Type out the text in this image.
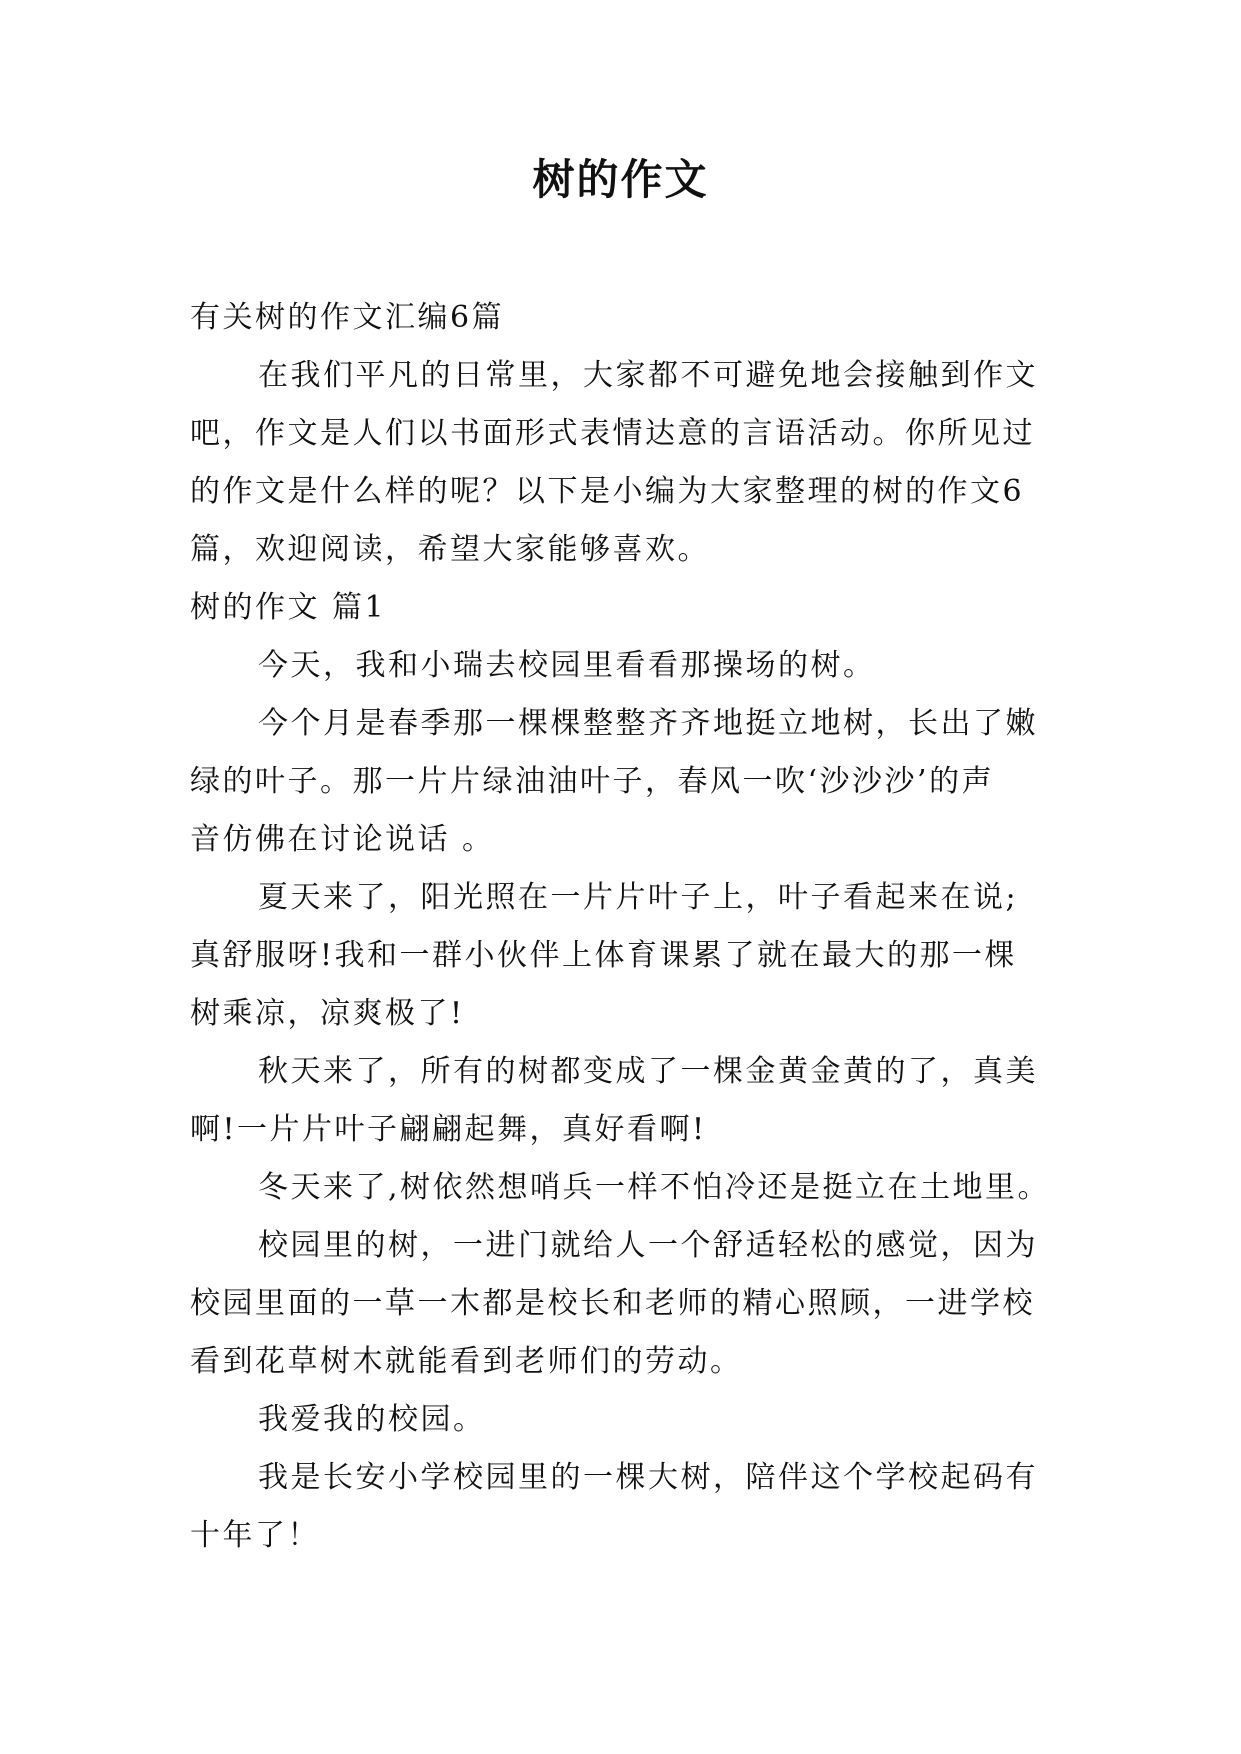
树的作文
有关树的作文汇编6篇
在我们平凡的日常里，大家都不可避免地会接触到作文
吧，作文是人们以书面形式表情达意的言语活动。你所见过
的作文是什么样的呢？以下是小编为大家整理的树的作文6
篇，欢迎阅读，希望大家能够喜欢。
树的作文 篇1
今天，我和小瑞去校园里看看那操场的树。
今个月是春季那一棵棵整整齐齐地挺立地树，长出了嫩
绿的叶子。那一片片绿油油叶子，春风一吹‘沙沙沙’的声
音仿佛在讨论说话 。
夏天来了，阳光照在一片片叶子上，叶子看起来在说;
真舒服呀!我和一群小伙伴上体育课累了就在最大的那一棵
树乘凉，凉爽极了!
秋天来了，所有的树都变成了一棵金黄金黄的了，真美
啊!一片片叶子翩翩起舞，真好看啊!
冬天来了,树依然想哨兵一样不怕冷还是挺立在土地里。
校园里的树，一进门就给人一个舒适轻松的感觉，因为
校园里面的一草一木都是校长和老师的精心照顾，一进学校
看到花草树木就能看到老师们的劳动。
我爱我的校园。
我是长安小学校园里的一棵大树，陪伴这个学校起码有
十年了！
